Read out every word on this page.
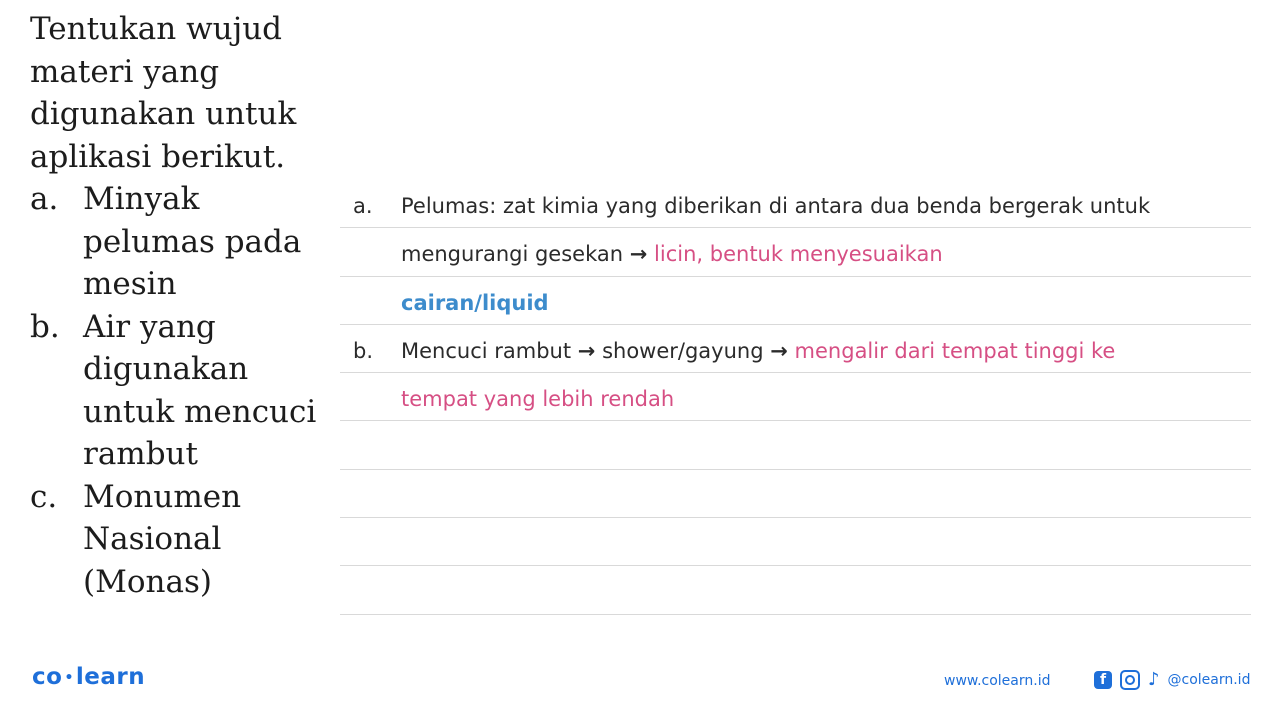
Tentukan wujud
materi yang
digunakan untuk
aplikasi berikut.

a. Minyak
pelumas pada
mesin
b. Air yang
digunakan
untuk mencuci
rambut
c. Monumen
Nasional
(Monas)
a. Pelumas: zat kimia yang diberikan di antara dua benda bergerak untuk
mengurangi gesekan → licin, bentuk menyesuaikan
cairan/liquid
b. Mencuci rambut → shower/gayung → mengalir dari tempat tinggi ke
tempat yang lebih rendah
co •learn	www.colearn.id	f	♪ @colearn.id
